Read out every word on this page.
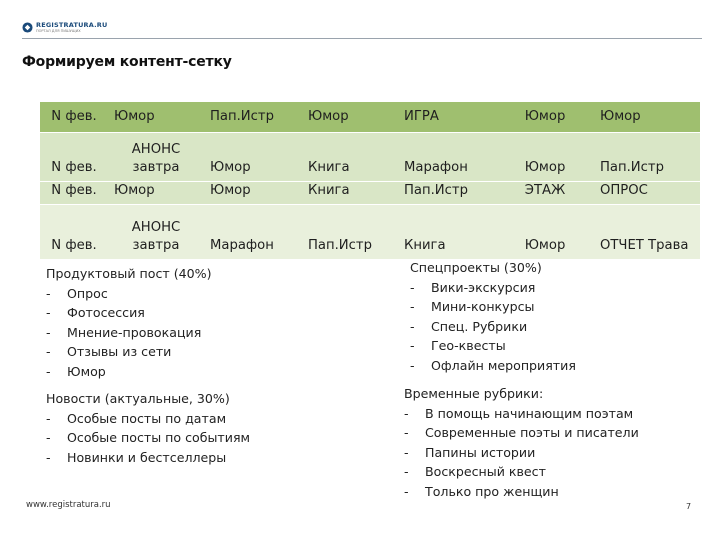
REGISTRATURA.RU
ПОРТАЛ ДЛЯ ПИШУЩИХ
Формируем контент-сетку
N фев.	Юмор	Пап.Истр	Юмор	ИГРА	Юмор	Юмор
N фев.	АНОНС завтра	Юмор	Книга	Марафон	Юмор	Пап.Истр
N фев.	Юмор	Юмор	Книга	Пап.Истр	ЭТАЖ	ОПРОС
N фев.	АНОНС завтра	Марафон	Пап.Истр	Книга	Юмор	ОТЧЕТ Трава
Продуктовый пост (40%)
-	Опрос
-	Фотосессия
-	Мнение-провокация
-	Отзывы из сети
-	Юмор
Новости (актуальные, 30%)
-	Особые посты по датам
-	Особые посты по событиям
-	Новинки и бестселлеры
Спецпроекты (30%)
-	Вики-экскурсия
-	Мини-конкурсы
-	Спец. Рубрики
-	Гео-квесты
-	Офлайн мероприятия
Временные рубрики:
-	В помощь начинающим поэтам
-	Современные поэты и писатели
-	Папины истории
-	Воскресный квест
-	Только про женщин
www.registratura.ru	7
